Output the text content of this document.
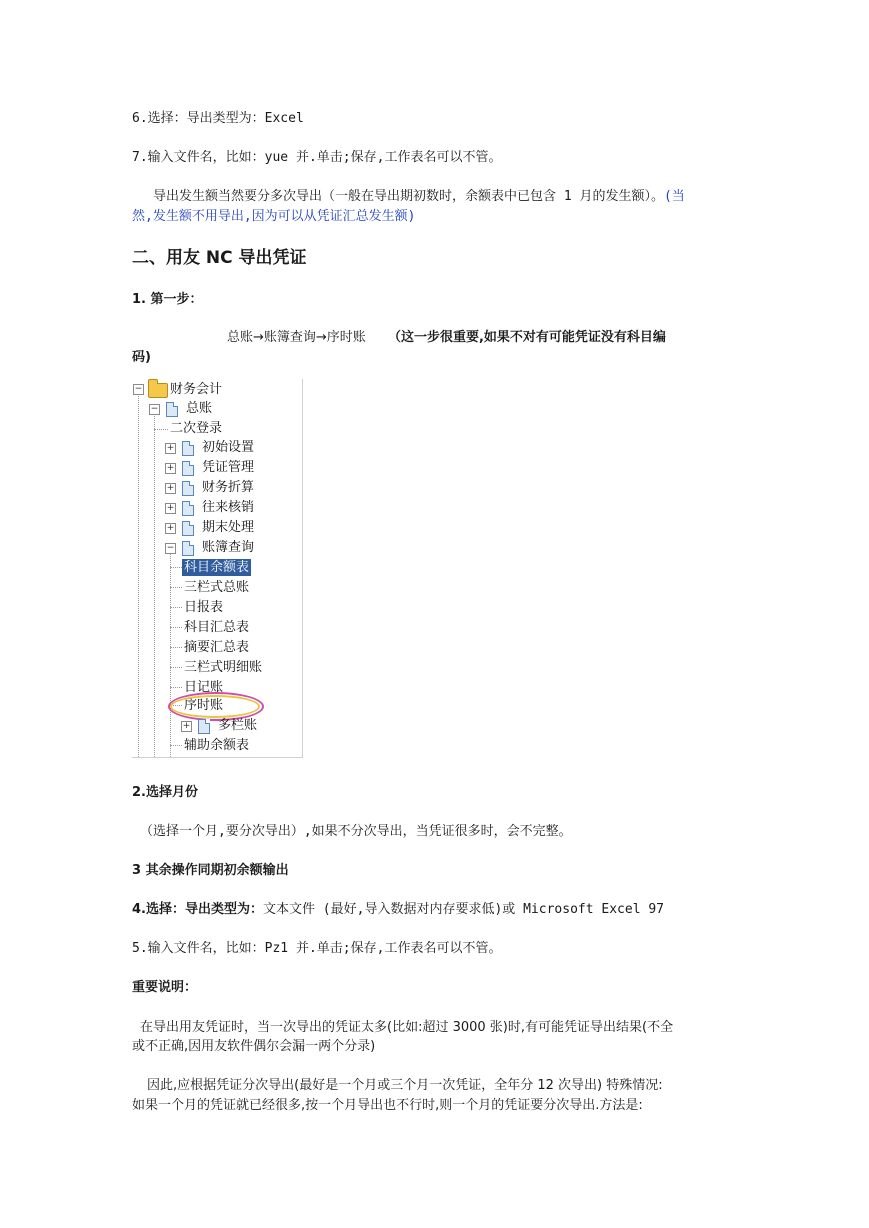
6.选择：导出类型为：Excel
7.输入文件名，比如：yue 并.单击;保存,工作表名可以不管。
导出发生额当然要分多次导出（一般在导出期初数时，余额表中已包含 1 月的发生额）。(当
然,发生额不用导出,因为可以从凭证汇总发生额)
二、用友 NC 导出凭证
1. 第一步：
总账→账簿查询→序时账 （这一步很重要,如果不对有可能凭证没有科目编
码)
− 财务会计
− 总账
二次登录
+ 初始设置
+ 凭证管理
+ 财务折算
+ 往来核销
+ 期末处理
− 账簿查询
科目余额表
三栏式总账
日报表
科目汇总表
摘要汇总表
三栏式明细账
日记账
序时账
+ 多栏账
辅助余额表
2.选择月份
（选择一个月,要分次导出）,如果不分次导出，当凭证很多时，会不完整。
3 其余操作同期初余额输出
4.选择：导出类型为：文本文件 (最好,导入数据对内存要求低)或 Microsoft Excel 97
5.输入文件名，比如：Pz1 并.单击;保存,工作表名可以不管。
重要说明：
在导出用友凭证时，当一次导出的凭证太多(比如:超过 3000 张)时,有可能凭证导出结果(不全
或不正确,因用友软件偶尔会漏一两个分录)
因此,应根据凭证分次导出(最好是一个月或三个月一次凭证，全年分 12 次导出) 特殊情况:
如果一个月的凭证就已经很多,按一个月导出也不行时,则一个月的凭证要分次导出.方法是:
